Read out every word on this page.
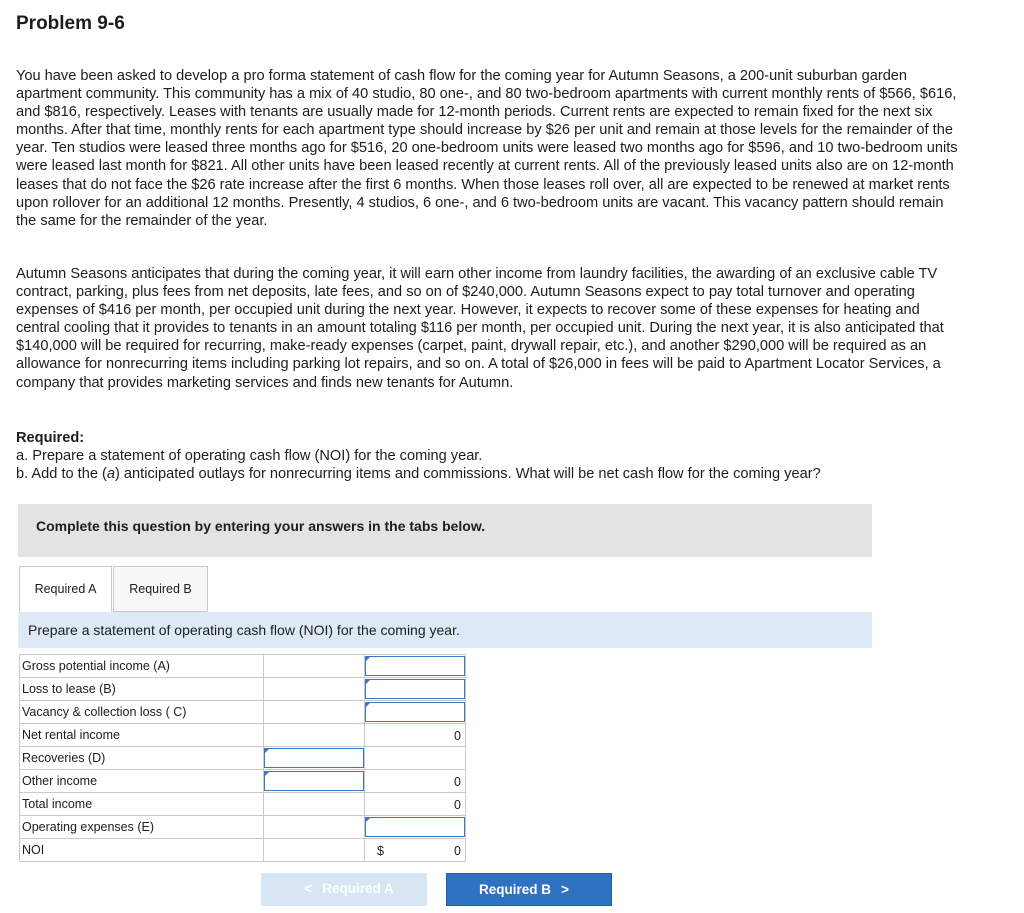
Problem 9-6

You have been asked to develop a pro forma statement of cash flow for the coming year for Autumn Seasons, a 200-unit suburban garden apartment community. This community has a mix of 40 studio, 80 one-, and 80 two-bedroom apartments with current monthly rents of $566, $616, and $816, respectively. Leases with tenants are usually made for 12-month periods. Current rents are expected to remain fixed for the next six months. After that time, monthly rents for each apartment type should increase by $26 per unit and remain at those levels for the remainder of the year. Ten studios were leased three months ago for $516, 20 one-bedroom units were leased two months ago for $596, and 10 two-bedroom units were leased last month for $821. All other units have been leased recently at current rents. All of the previously leased units also are on 12-month leases that do not face the $26 rate increase after the first 6 months. When those leases roll over, all are expected to be renewed at market rents upon rollover for an additional 12 months. Presently, 4 studios, 6 one-, and 6 two-bedroom units are vacant. This vacancy pattern should remain the same for the remainder of the year.

Autumn Seasons anticipates that during the coming year, it will earn other income from laundry facilities, the awarding of an exclusive cable TV contract, parking, plus fees from net deposits, late fees, and so on of $240,000. Autumn Seasons expect to pay total turnover and operating expenses of $416 per month, per occupied unit during the next year. However, it expects to recover some of these expenses for heating and central cooling that it provides to tenants in an amount totaling $116 per month, per occupied unit. During the next year, it is also anticipated that $140,000 will be required for recurring, make-ready expenses (carpet, paint, drywall repair, etc.), and another $290,000 will be required as an allowance for nonrecurring items including parking lot repairs, and so on. A total of $26,000 in fees will be paid to Apartment Locator Services, a company that provides marketing services and finds new tenants for Autumn.

Required:
a. Prepare a statement of operating cash flow (NOI) for the coming year.
b. Add to the (a) anticipated outlays for nonrecurring items and commissions. What will be net cash flow for the coming year?
Complete this question by entering your answers in the tabs below.
Required A	Required B
Prepare a statement of operating cash flow (NOI) for the coming year.
Gross potential income (A)		

Loss to lease (B)		

Vacancy & collection loss ( C)		

Net rental income		0

Recoveries (D)	

Other income		0

Total income		0

Operating expenses (E)		

NOI		$ 0
< Required A	Required B >
